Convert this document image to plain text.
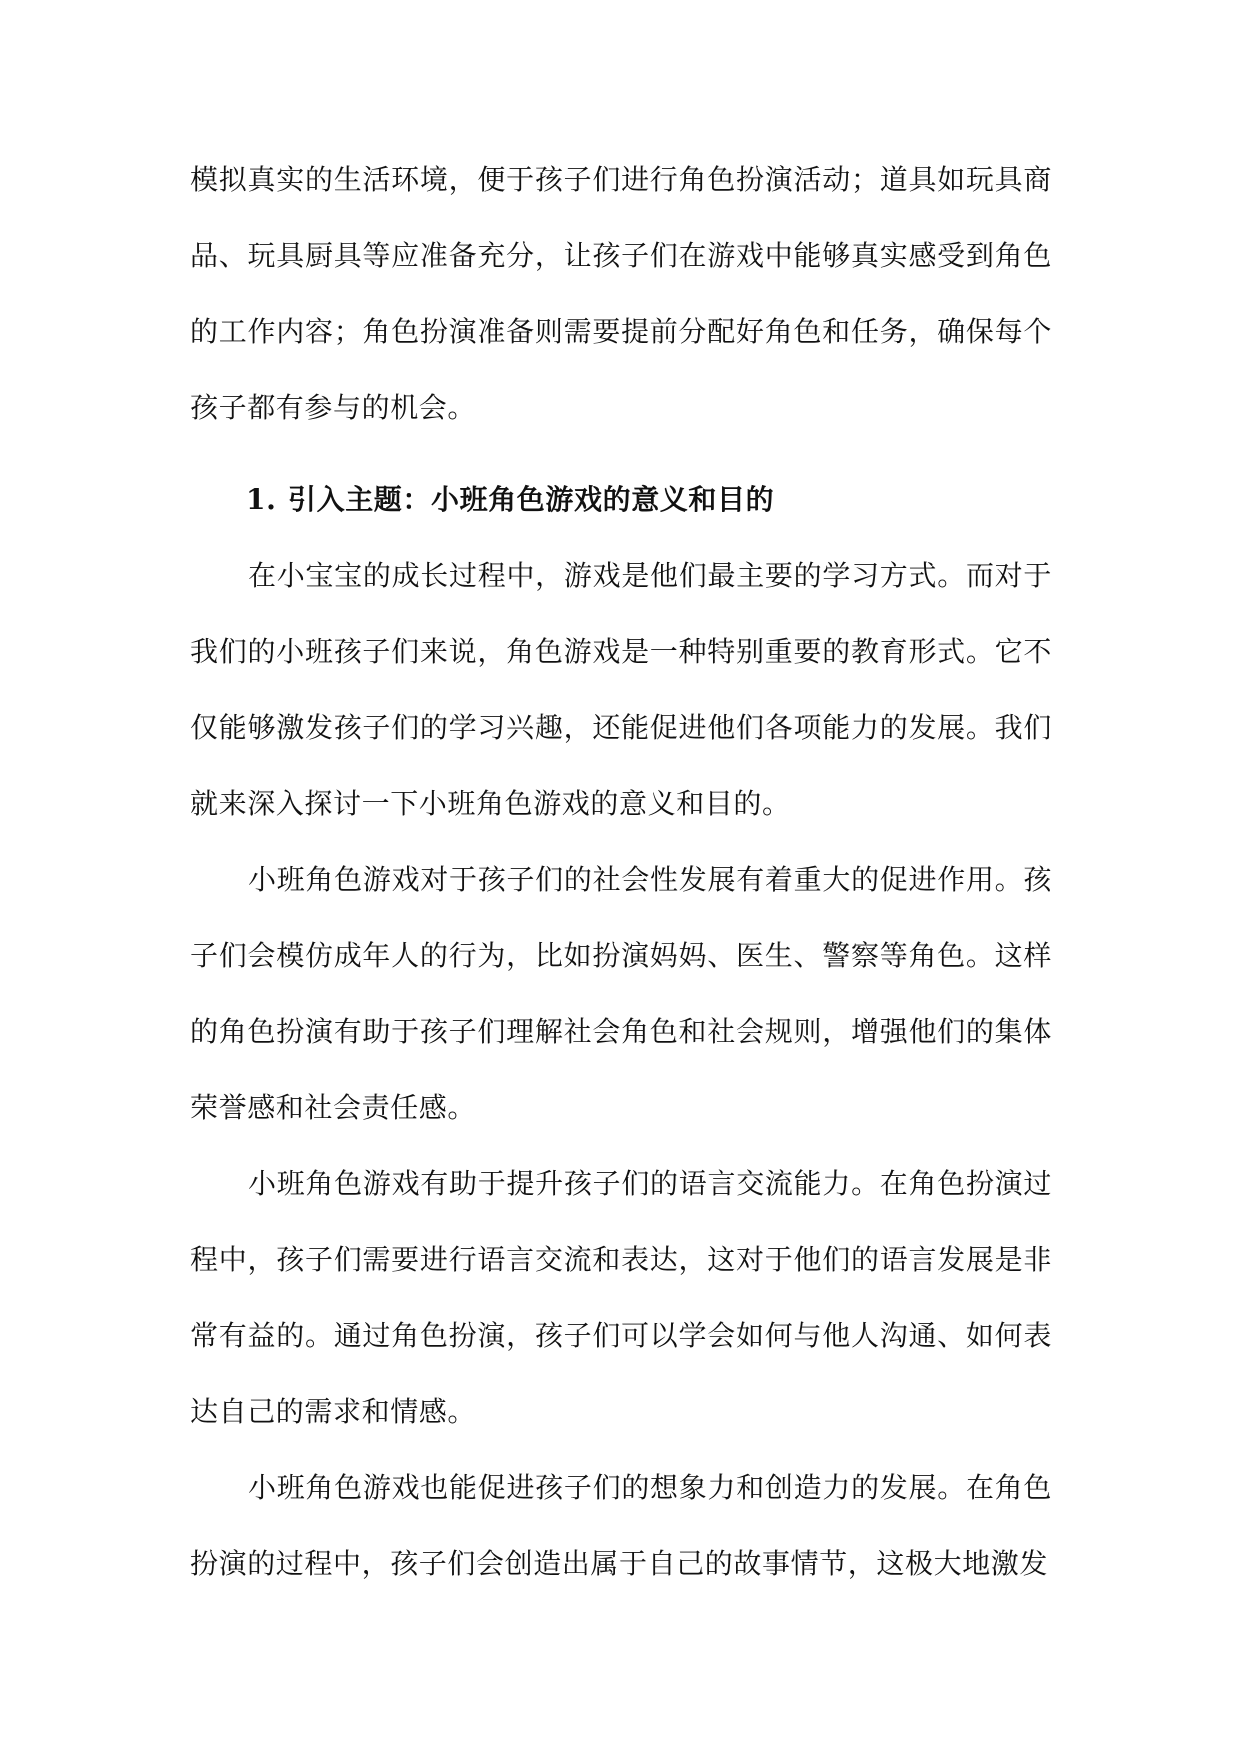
模拟真实的生活环境，便于孩子们进行角色扮演活动；道具如玩具商品、玩具厨具等应准备充分，让孩子们在游戏中能够真实感受到角色的工作内容；角色扮演准备则需要提前分配好角色和任务，确保每个孩子都有参与的机会。

1. 引入主题：小班角色游戏的意义和目的

在小宝宝的成长过程中，游戏是他们最主要的学习方式。而对于我们的小班孩子们来说，角色游戏是一种特别重要的教育形式。它不仅能够激发孩子们的学习兴趣，还能促进他们各项能力的发展。我们就来深入探讨一下小班角色游戏的意义和目的。

小班角色游戏对于孩子们的社会性发展有着重大的促进作用。孩子们会模仿成年人的行为，比如扮演妈妈、医生、警察等角色。这样的角色扮演有助于孩子们理解社会角色和社会规则，增强他们的集体荣誉感和社会责任感。

小班角色游戏有助于提升孩子们的语言交流能力。在角色扮演过程中，孩子们需要进行语言交流和表达，这对于他们的语言发展是非常有益的。通过角色扮演，孩子们可以学会如何与他人沟通、如何表达自己的需求和情感。

小班角色游戏也能促进孩子们的想象力和创造力的发展。在角色扮演的过程中，孩子们会创造出属于自己的故事情节，这极大地激发
